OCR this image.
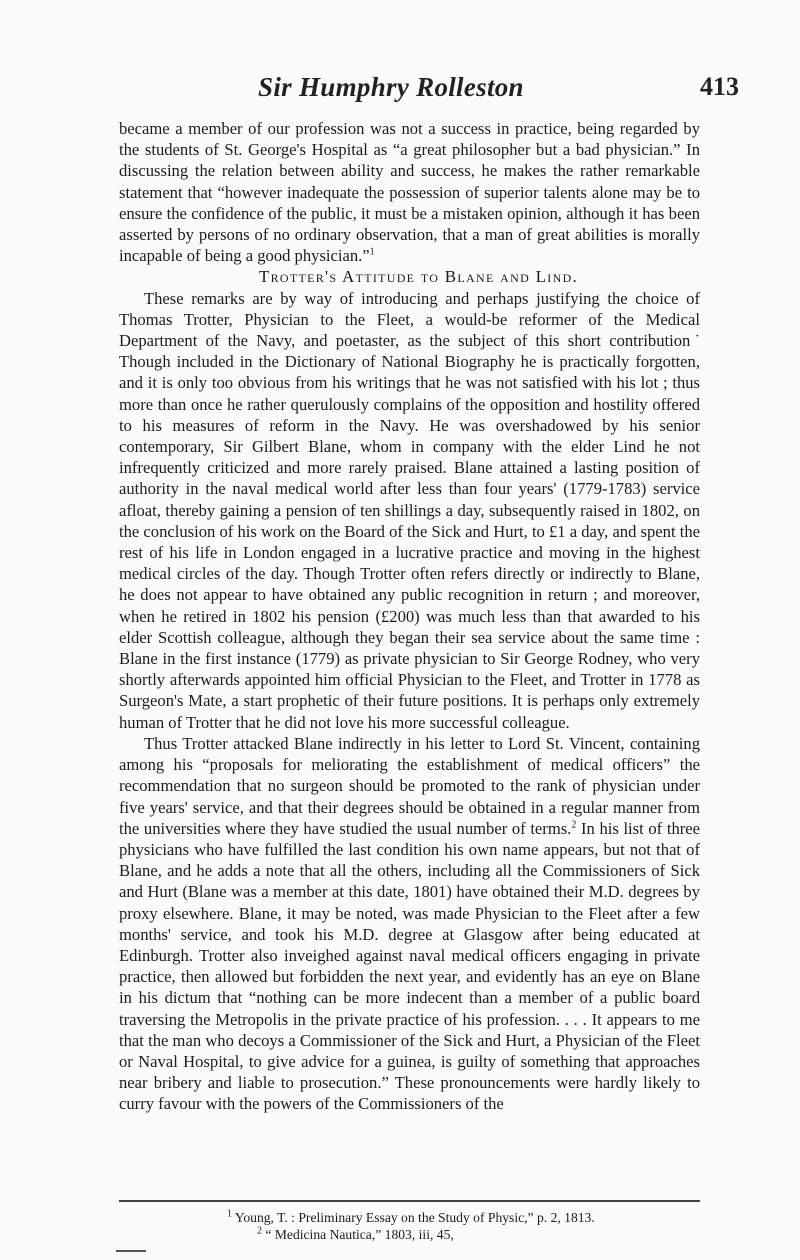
Sir Humphry Rolleston	413

became a member of our profession was not a success in practice, being regarded by the students of St. George's Hospital as “a great philosopher but a bad physician.” In discussing the relation between ability and success, he makes the rather remarkable statement that “however inadequate the possession of superior talents alone may be to ensure the confidence of the public, it must be a mistaken opinion, although it has been asserted by persons of no ordinary observation, that a man of great abilities is morally incapable of being a good physician.”$^1$

Trotter's Attitude to Blane and Lind.

These remarks are by way of introducing and perhaps justifying the choice of Thomas Trotter, Physician to the Fleet, a would-be reformer of the Medical Department of the Navy, and poetaster, as the subject of this short contribution˙ Though included in the Dictionary of National Biography he is practically forgotten, and it is only too obvious from his writings that he was not satisfied with his lot ; thus more than once he rather querulously complains of the opposition and hostility offered to his measures of reform in the Navy. He was overshadowed by his senior contemporary, Sir Gilbert Blane, whom in company with the elder Lind he not infrequently criticized and more rarely praised. Blane attained a lasting position of authority in the naval medical world after less than four years' (1779-1783) service afloat, thereby gaining a pension of ten shillings a day, subsequently raised in 1802, on the conclusion of his work on the Board of the Sick and Hurt, to £1 a day, and spent the rest of his life in London engaged in a lucrative practice and moving in the highest medical circles of the day. Though Trotter often refers directly or indirectly to Blane, he does not appear to have obtained any public recognition in return ; and moreover, when he retired in 1802 his pension (£200) was much less than that awarded to his elder Scottish colleague, although they began their sea service about the same time : Blane in the first instance (1779) as private physician to Sir George Rodney, who very shortly afterwards appointed him official Physician to the Fleet, and Trotter in 1778 as Surgeon's Mate, a start prophetic of their future positions. It is perhaps only extremely human of Trotter that he did not love his more successful colleague.

Thus Trotter attacked Blane indirectly in his letter to Lord St. Vincent, containing among his “proposals for meliorating the establishment of medical officers” the recommendation that no surgeon should be promoted to the rank of physician under five years' service, and that their degrees should be obtained in a regular manner from the universities where they have studied the usual number of terms.$^2$ In his list of three physicians who have fulfilled the last condition his own name appears, but not that of Blane, and he adds a note that all the others, including all the Commissioners of Sick and Hurt (Blane was a member at this date, 1801) have obtained their M.D. degrees by proxy elsewhere. Blane, it may be noted, was made Physician to the Fleet after a few months' service, and took his M.D. degree at Glasgow after being educated at Edinburgh. Trotter also inveighed against naval medical officers engaging in private practice, then allowed but forbidden the next year, and evidently has an eye on Blane in his dictum that “nothing can be more indecent than a member of a public board traversing the Metropolis in the private practice of his profession. . . . It appears to me that the man who decoys a Commissioner of the Sick and Hurt, a Physician of the Fleet or Naval Hospital, to give advice for a guinea, is guilty of something that approaches near bribery and liable to prosecution.” These pronouncements were hardly likely to curry favour with the powers of the Commissioners of the

$^1$ Young, T. : Preliminary Essay on the Study of Physic,” p. 2, 1813.
$^2$ “ Medicina Nautica,” 1803, iii, 45,
